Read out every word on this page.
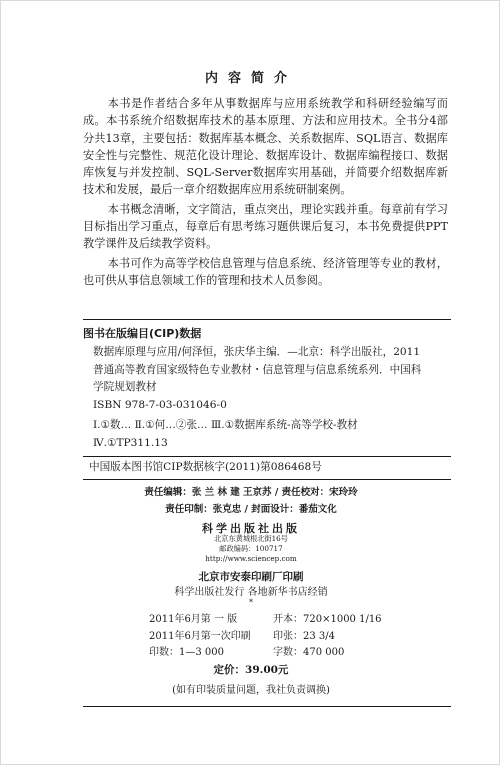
内容简介

本书是作者结合多年从事数据库与应用系统教学和科研经验编写而成。本书系统介绍数据库技术的基本原理、方法和应用技术。全书分4部分共13章，主要包括：数据库基本概念、关系数据库、SQL语言、数据库安全性与完整性、规范化设计理论、数据库设计、数据库编程接口、数据库恢复与并发控制、SQL-Server数据库实用基础，并简要介绍数据库新技术和发展，最后一章介绍数据库应用系统研制案例。

本书概念清晰，文字简洁，重点突出，理论实践并重。每章前有学习目标指出学习重点，每章后有思考练习题供课后复习，本书免费提供PPT教学课件及后续教学资料。

本书可作为高等学校信息管理与信息系统、经济管理等专业的教材，也可供从事信息领域工作的管理和技术人员参阅。

图书在版编目(CIP)数据
数据库原理与应用/何泽恒，张庆华主编．—北京：科学出版社，2011
普通高等教育国家级特色专业教材・信息管理与信息系统系列．中国科
学院规划教材
ISBN 978-7-03-031046-0
Ⅰ.①数… Ⅱ.①何…②张… Ⅲ.①数据库系统-高等学校-教材
Ⅳ.①TP311.13
中国版本图书馆CIP数据核字(2011)第086468号
责任编辑：张 兰 林 建 王京苏 / 责任校对：宋玲玲
责任印制：张克忠 / 封面设计：番茄文化
科学出版社出版
北京东黄城根北街16号
邮政编码：100717
http://www.sciencep.com
北京市安泰印刷厂印刷
科学出版社发行 各地新华书店经销
*
2011年6月第 一 版	开本：720×1000 1/16
2011年6月第一次印刷 印张：23 3/4
印数：1—3 000	字数：470 000
定价：39.00元
(如有印装质量问题，我社负责调换)
